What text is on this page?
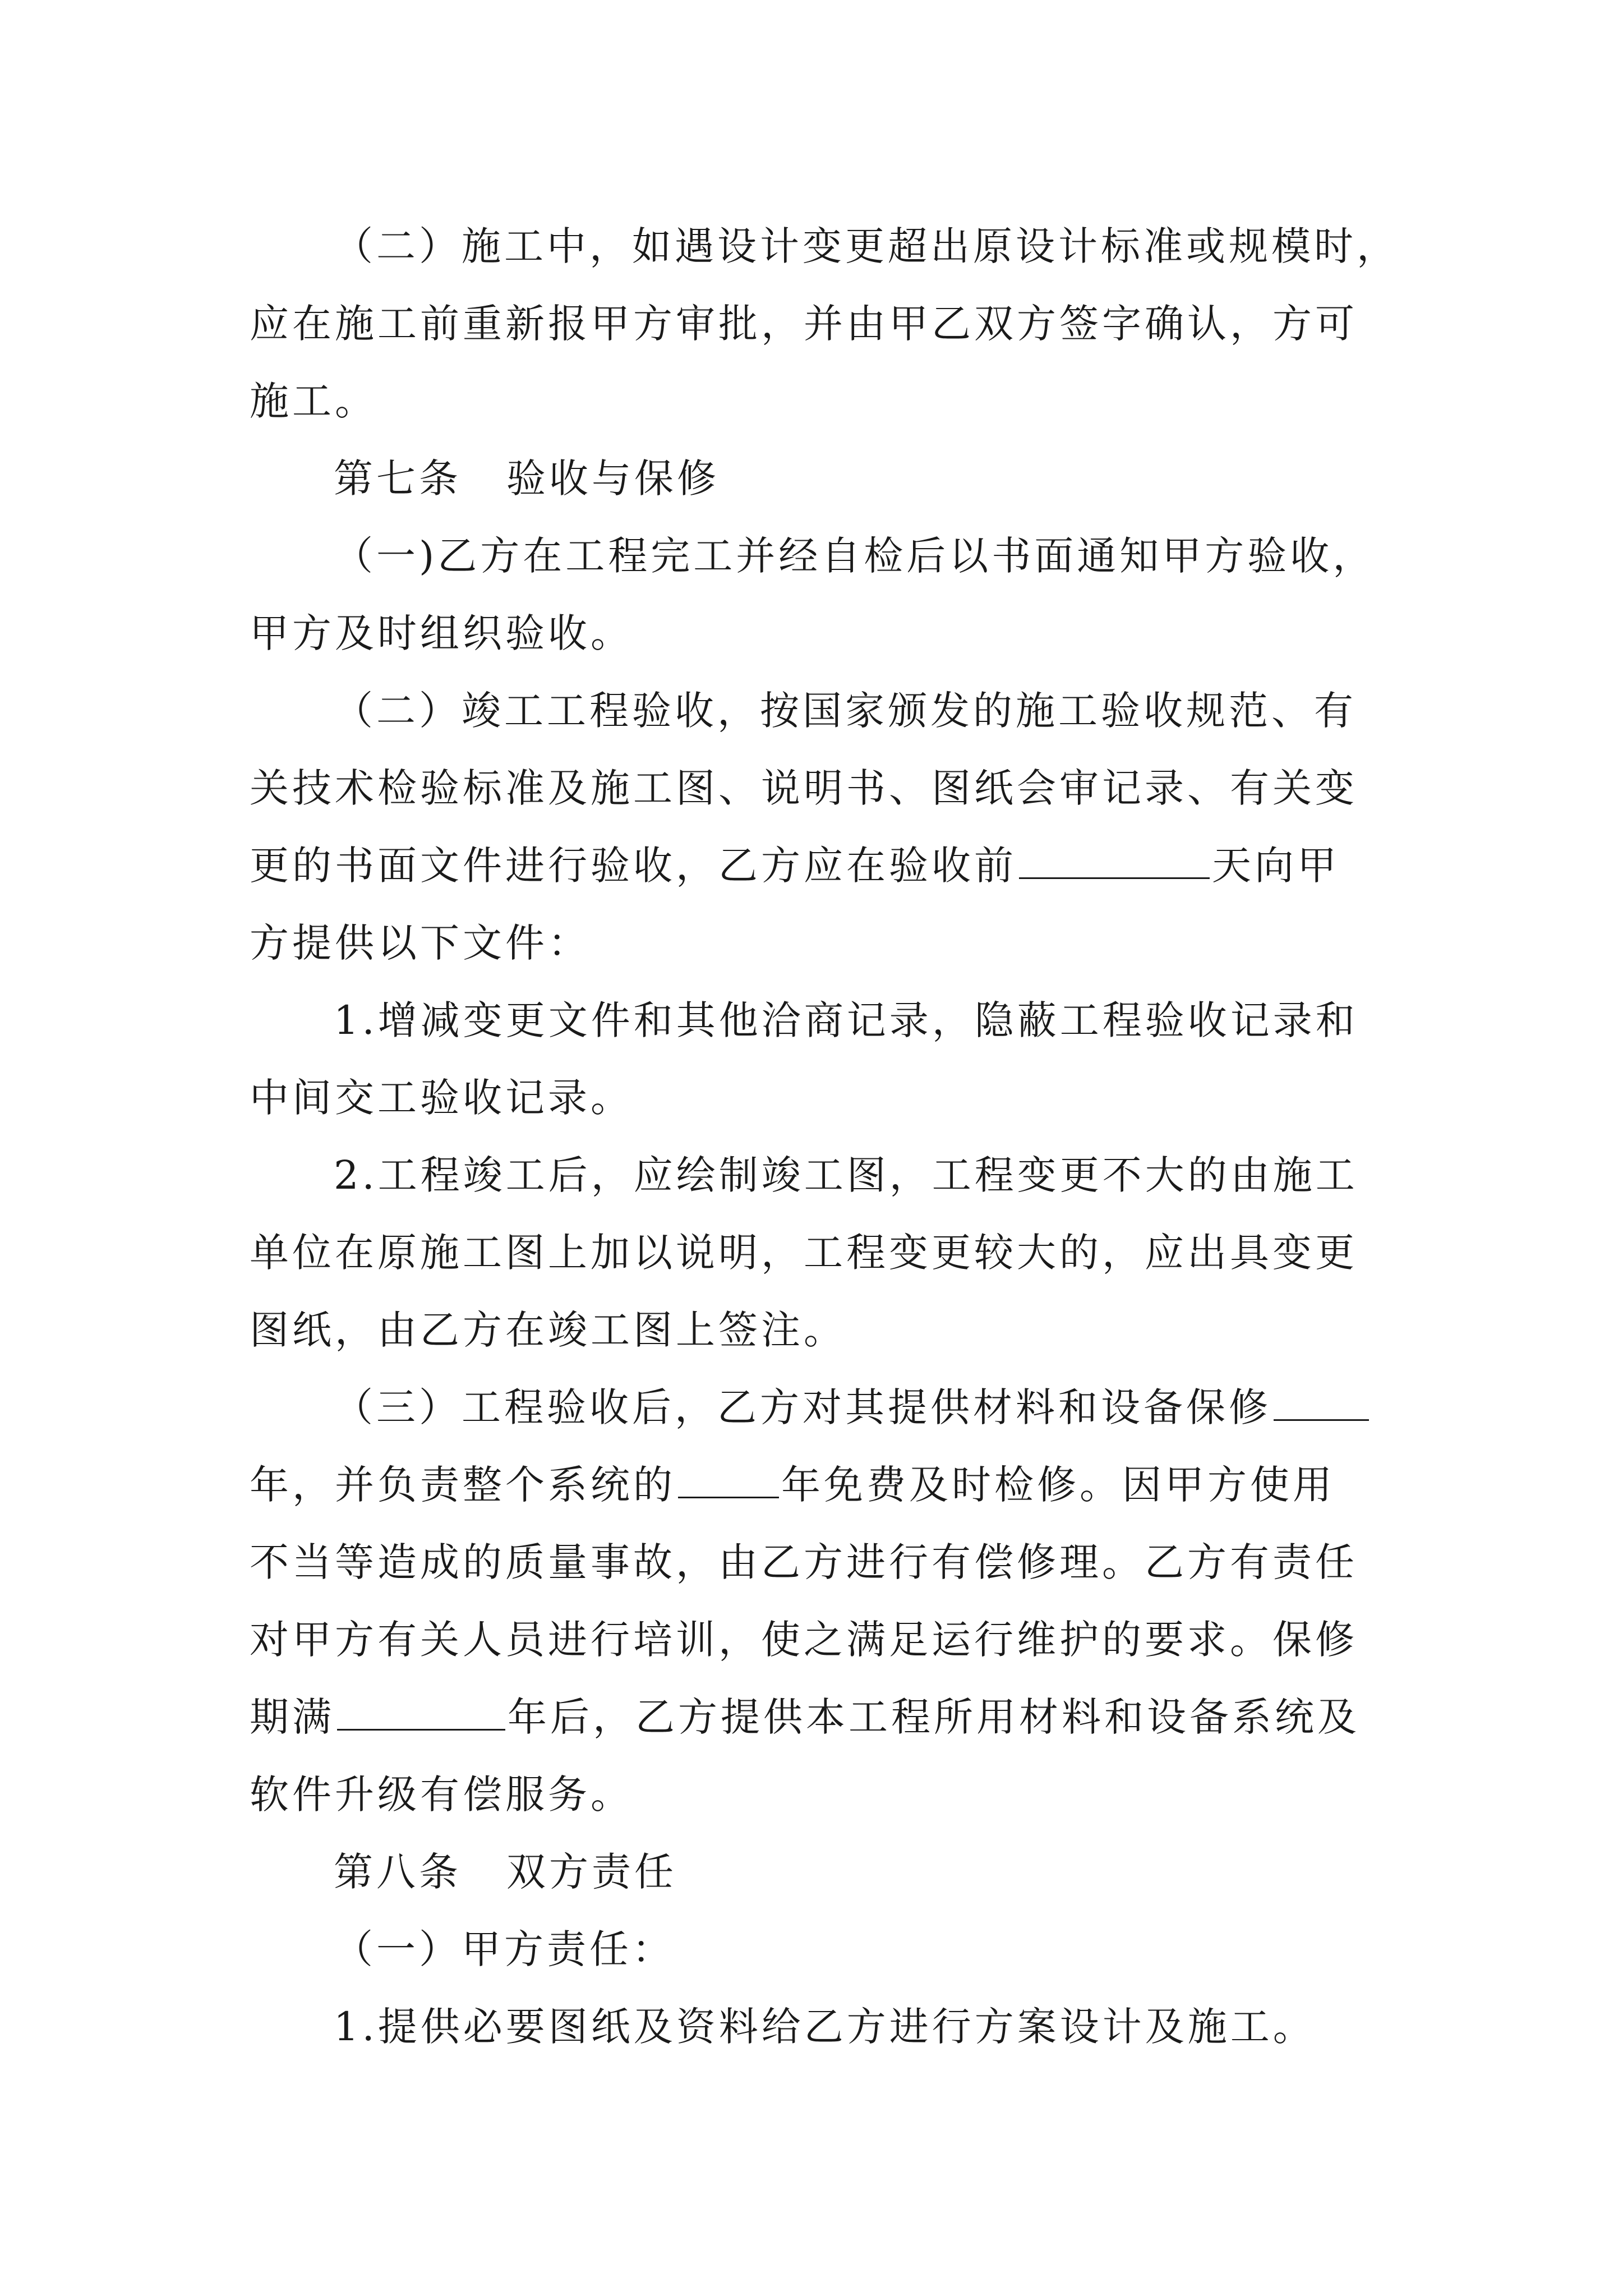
（二）施工中，如遇设计变更超出原设计标准或规模时，
应在施工前重新报甲方审批，并由甲乙双方签字确认，方可
施工。
第七条 验收与保修
（一)乙方在工程完工并经自检后以书面通知甲方验收，
甲方及时组织验收。
（二）竣工工程验收，按国家颁发的施工验收规范、有
关技术检验标准及施工图、说明书、图纸会审记录、有关变
更的书面文件进行验收，乙方应在验收前	天向甲
方提供以下文件：
1.增减变更文件和其他洽商记录，隐蔽工程验收记录和
中间交工验收记录。
2.工程竣工后，应绘制竣工图，工程变更不大的由施工
单位在原施工图上加以说明，工程变更较大的，应出具变更
图纸，由乙方在竣工图上签注。
（三）工程验收后，乙方对其提供材料和设备保修
年，并负责整个系统的	年免费及时检修。因甲方使用
不当等造成的质量事故，由乙方进行有偿修理。乙方有责任
对甲方有关人员进行培训，使之满足运行维护的要求。保修
期满	年后，乙方提供本工程所用材料和设备系统及
软件升级有偿服务。
第八条 双方责任
（一）甲方责任：
1.提供必要图纸及资料给乙方进行方案设计及施工。
